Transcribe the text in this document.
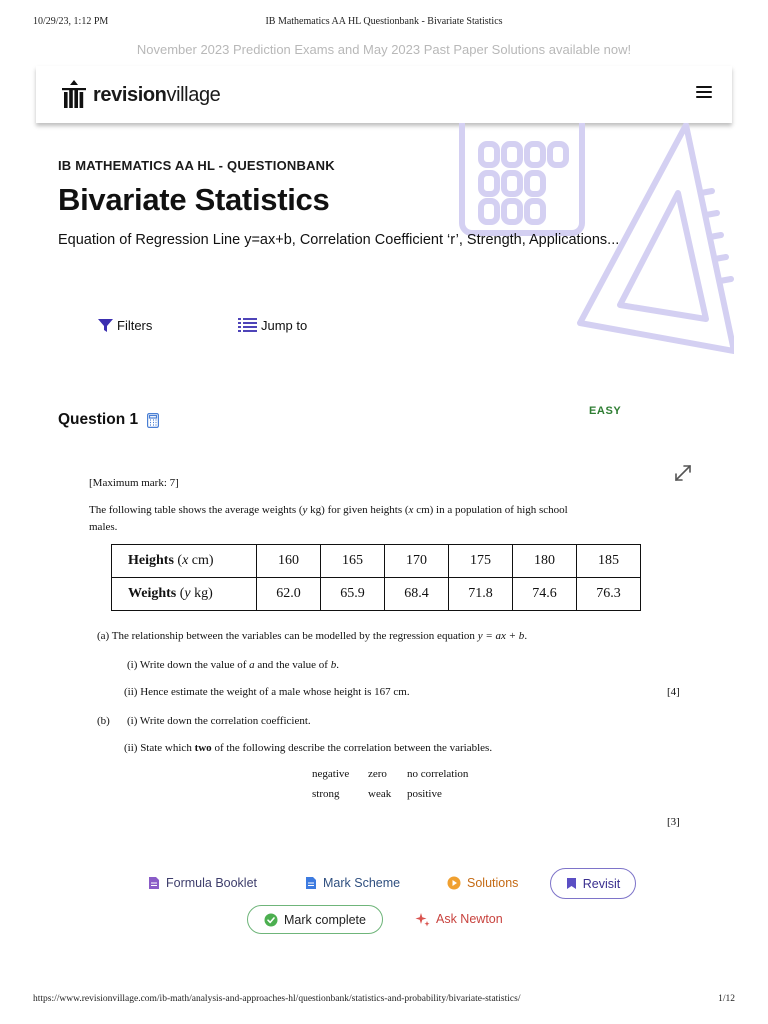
10/29/23, 1:12 PM	IB Mathematics AA HL Questionbank - Bivariate Statistics
November 2023 Prediction Exams and May 2023 Past Paper Solutions available now!
revisionvillage
IB MATHEMATICS AA HL - QUESTIONBANK
Bivariate Statistics
Equation of Regression Line y=ax+b, Correlation Coefficient ‘r’, Strength, Applications...
Filters	Jump to
Question 1	EASY
[Maximum mark: 7]
The following table shows the average weights (y kg) for given heights (x cm) in a population of high school
males.
Heights (x cm)	160	165	170	175	180	185
Weights (y kg)	62.0	65.9	68.4	71.8	74.6	76.3
(a) The relationship between the variables can be modelled by the regression equation y = ax + b.
(i) Write down the value of a and the value of b.
(ii) Hence estimate the weight of a male whose height is 167 cm.	[4]
(b) (i) Write down the correlation coefficient.
(ii) State which two of the following describe the correlation between the variables.
negative zero no correlation
strong	weak positive
[3]
Formula Booklet	Mark Scheme	Solutions	Revisit
Mark complete	Ask Newton
https://www.revisionvillage.com/ib-math/analysis-and-approaches-hl/questionbank/statistics-and-probability/bivariate-statistics/	1/12
